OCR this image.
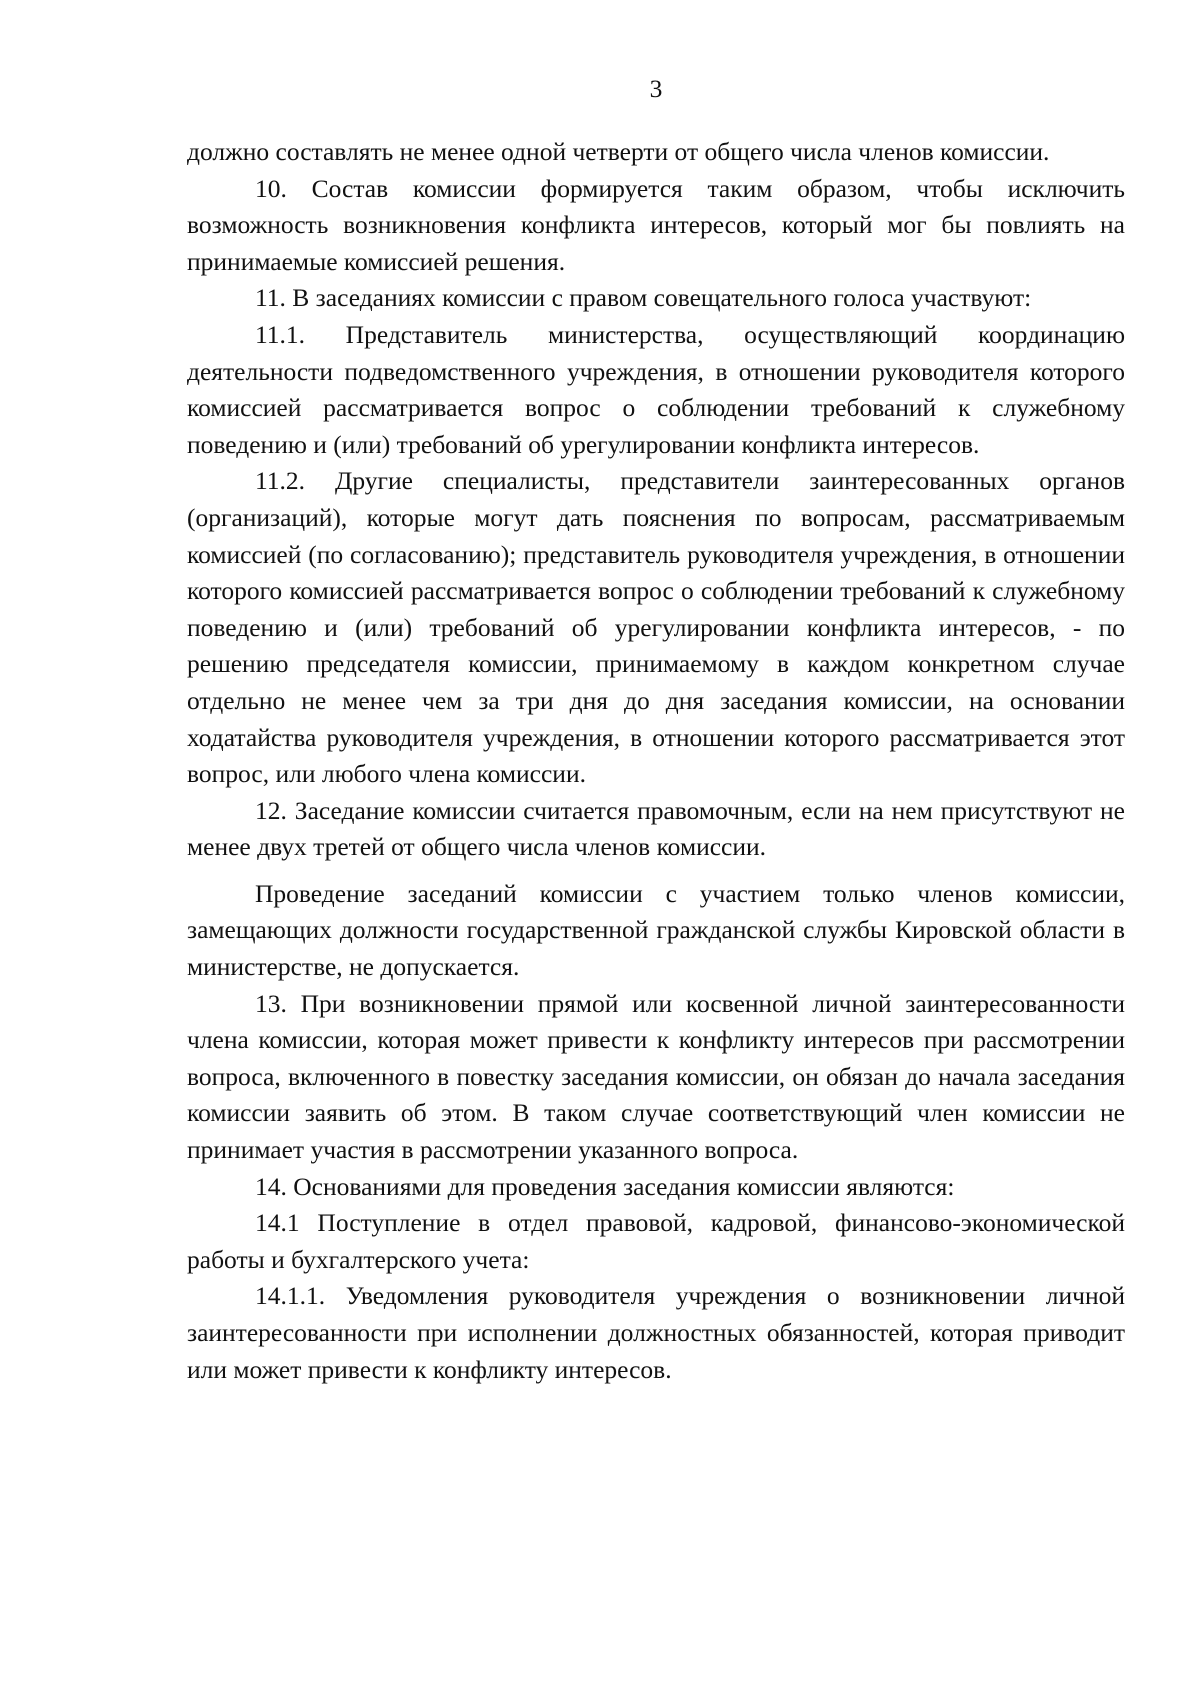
3

должно составлять не менее одной четверти от общего числа членов комиссии.

10. Состав комиссии формируется таким образом, чтобы исключить возможность возникновения конфликта интересов, который мог бы повлиять на принимаемые комиссией решения.

11. В заседаниях комиссии с правом совещательного голоса участвуют:

11.1. Представитель министерства, осуществляющий координацию деятельности подведомственного учреждения, в отношении руководителя которого комиссией рассматривается вопрос о соблюдении требований к служебному поведению и (или) требований об урегулировании конфликта интересов.

11.2. Другие специалисты, представители заинтересованных органов (организаций), которые могут дать пояснения по вопросам, рассматриваемым комиссией (по согласованию); представитель руководителя учреждения, в отношении которого комиссией рассматривается вопрос о соблюдении требований к служебному поведению и (или) требований об урегулировании конфликта интересов, - по решению председателя комиссии, принимаемому в каждом конкретном случае отдельно не менее чем за три дня до дня заседания комиссии, на основании ходатайства руководителя учреждения, в отношении которого рассматривается этот вопрос, или любого члена комиссии.

12. Заседание комиссии считается правомочным, если на нем присутствуют не менее двух третей от общего числа членов комиссии.

Проведение заседаний комиссии с участием только членов комиссии, замещающих должности государственной гражданской службы Кировской области в министерстве, не допускается.

13. При возникновении прямой или косвенной личной заинтересованности члена комиссии, которая может привести к конфликту интересов при рассмотрении вопроса, включенного в повестку заседания комиссии, он обязан до начала заседания комиссии заявить об этом. В таком случае соответствующий член комиссии не принимает участия в рассмотрении указанного вопроса.

14. Основаниями для проведения заседания комиссии являются:

14.1 Поступление в отдел правовой, кадровой, финансово-экономической работы и бухгалтерского учета:

14.1.1. Уведомления руководителя учреждения о возникновении личной заинтересованности при исполнении должностных обязанностей, которая приводит или может привести к конфликту интересов.
